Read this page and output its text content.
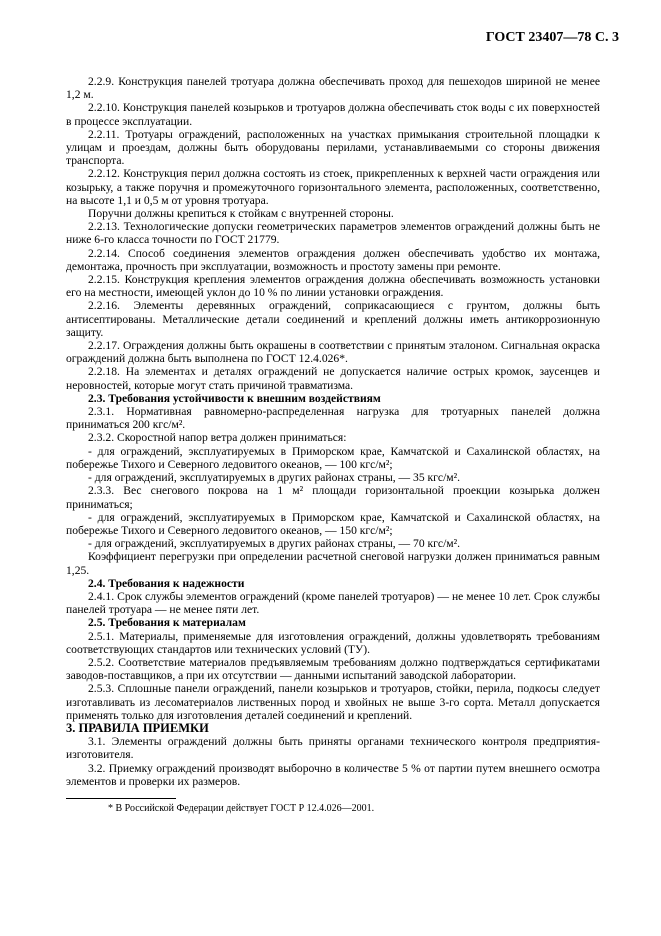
ГОСТ 23407—78 С. 3

2.2.9. Конструкция панелей тротуара должна обеспечивать проход для пешеходов шириной не менее 1,2 м.

2.2.10. Конструкция панелей козырьков и тротуаров должна обеспечивать сток воды с их поверхностей в процессе эксплуатации.

2.2.11. Тротуары ограждений, расположенных на участках примыкания строительной площадки к улицам и проездам, должны быть оборудованы перилами, устанавливаемыми со стороны движения транспорта.

2.2.12. Конструкция перил должна состоять из стоек, прикрепленных к верхней части ограждения или козырьку, а также поручня и промежуточного горизонтального элемента, расположенных, соответственно, на высоте 1,1 и 0,5 м от уровня тротуара.

Поручни должны крепиться к стойкам с внутренней стороны.

2.2.13. Технологические допуски геометрических параметров элементов ограждений должны быть не ниже 6-го класса точности по ГОСТ 21779.

2.2.14. Способ соединения элементов ограждения должен обеспечивать удобство их монтажа, демонтажа, прочность при эксплуатации, возможность и простоту замены при ремонте.

2.2.15. Конструкция крепления элементов ограждения должна обеспечивать возможность установки его на местности, имеющей уклон до 10 % по линии установки ограждения.

2.2.16. Элементы деревянных ограждений, соприкасающиеся с грунтом, должны быть антисептированы. Металлические детали соединений и креплений должны иметь антикоррозионную защиту.

2.2.17. Ограждения должны быть окрашены в соответствии с принятым эталоном. Сигнальная окраска ограждений должна быть выполнена по ГОСТ 12.4.026*.

2.2.18. На элементах и деталях ограждений не допускается наличие острых кромок, заусенцев и неровностей, которые могут стать причиной травматизма.

2.3. Требования устойчивости к внешним воздействиям

2.3.1. Нормативная равномерно-распределенная нагрузка для тротуарных панелей должна приниматься 200 кгс/м².

2.3.2. Скоростной напор ветра должен приниматься:

- для ограждений, эксплуатируемых в Приморском крае, Камчатской и Сахалинской областях, на побережье Тихого и Северного ледовитого океанов, — 100 кгс/м²;

- для ограждений, эксплуатируемых в других районах страны, — 35 кгс/м².

2.3.3. Вес снегового покрова на 1 м² площади горизонтальной проекции козырька должен приниматься;

- для ограждений, эксплуатируемых в Приморском крае, Камчатской и Сахалинской областях, на побережье Тихого и Северного ледовитого океанов, — 150 кгс/м²;

- для ограждений, эксплуатируемых в других районах страны, — 70 кгс/м².

Коэффициент перегрузки при определении расчетной снеговой нагрузки должен приниматься равным 1,25.

2.4. Требования к надежности

2.4.1. Срок службы элементов ограждений (кроме панелей тротуаров) — не менее 10 лет. Срок службы панелей тротуара — не менее пяти лет.

2.5. Требования к материалам

2.5.1. Материалы, применяемые для изготовления ограждений, должны удовлетворять требованиям соответствующих стандартов или технических условий (ТУ).

2.5.2. Соответствие материалов предъявляемым требованиям должно подтверждаться сертификатами заводов-поставщиков, а при их отсутствии — данными испытаний заводской лаборатории.

2.5.3. Сплошные панели ограждений, панели козырьков и тротуаров, стойки, перила, подкосы следует изготавливать из лесоматериалов лиственных пород и хвойных не выше 3-го сорта. Металл допускается применять только для изготовления деталей соединений и креплений.

3. ПРАВИЛА ПРИЕМКИ

3.1. Элементы ограждений должны быть приняты органами технического контроля предприятия-изготовителя.

3.2. Приемку ограждений производят выборочно в количестве 5 % от партии путем внешнего осмотра элементов и проверки их размеров.

* В Российской Федерации действует ГОСТ Р 12.4.026—2001.
